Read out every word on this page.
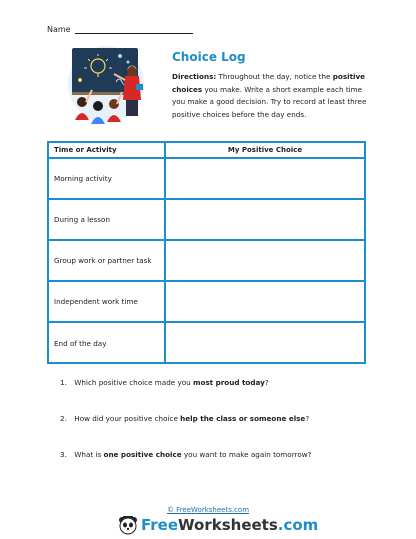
Name
Choice Log
Directions: Throughout the day, notice the positive choices you make. Write a short example each time you make a good decision. Try to record at least three positive choices before the day ends.
Time or Activity	My Positive Choice
Morning activity
During a lesson
Group work or partner task
Independent work time
End of the day
1. Which positive choice made you most proud today?
2. How did your positive choice help the class or someone else?
3. What is one positive choice you want to make again tomorrow?
© FreeWorksheets.com
FreeWorksheets.com
